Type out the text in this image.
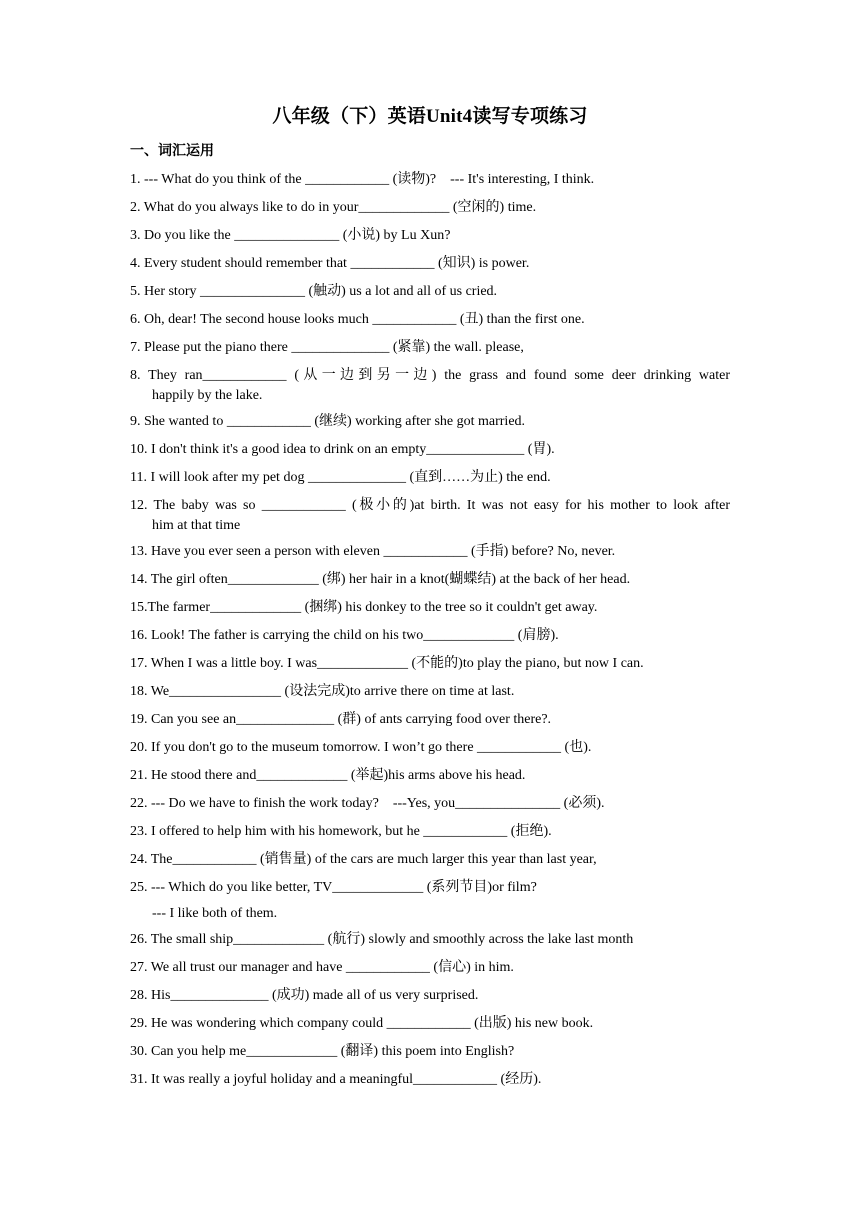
八年级（下）英语Unit4读写专项练习
一、词汇运用

1. --- What do you think of the ____________ (读物)?    --- It's interesting, I think.

2. What do you always like to do in your_____________ (空闲的) time.

3. Do you like the _______________ (小说) by Lu Xun?

4. Every student should remember that ____________ (知识) is power.

5. Her story _______________ (触动) us a lot and all of us cried.

6. Oh, dear! The second house looks much ____________ (丑) than the first one.

7. Please put the piano there ______________ (紧靠) the wall. please,

8. They ran____________ (从一边到另一边) the grass and found some deer drinking water

happily by the lake.

9. She wanted to ____________ (继续) working after she got married.

10. I don't think it's a good idea to drink on an empty______________ (胃).

11. I will look after my pet dog ______________ (直到……为止) the end.

12. The baby was so ____________ (极小的)at birth. It was not easy for his mother to look after

him at that time

13. Have you ever seen a person with eleven ____________ (手指) before? No, never.

14. The girl often_____________ (绑) her hair in a knot(蝴蝶结) at the back of her head.

15.The farmer_____________ (捆绑) his donkey to the tree so it couldn't get away.

16. Look! The father is carrying the child on his two_____________ (肩膀).

17. When I was a little boy. I was_____________ (不能的)to play the piano, but now I can.

18. We________________ (设法完成)to arrive there on time at last.

19. Can you see an______________ (群) of ants carrying food over there?.

20. If you don't go to the museum tomorrow. I won’t go there ____________ (也).

21. He stood there and_____________ (举起)his arms above his head.

22. --- Do we have to finish the work today?    ---Yes, you_______________ (必须).

23. I offered to help him with his homework, but he ____________ (拒绝).

24. The____________ (销售量) of the cars are much larger this year than last year,

25. --- Which do you like better, TV_____________ (系列节目)or film?

--- I like both of them.

26. The small ship_____________ (航行) slowly and smoothly across the lake last month

27. We all trust our manager and have ____________ (信心) in him.

28. His______________ (成功) made all of us very surprised.

29. He was wondering which company could ____________ (出版) his new book.

30. Can you help me_____________ (翻译) this poem into English?

31. It was really a joyful holiday and a meaningful____________ (经历).
